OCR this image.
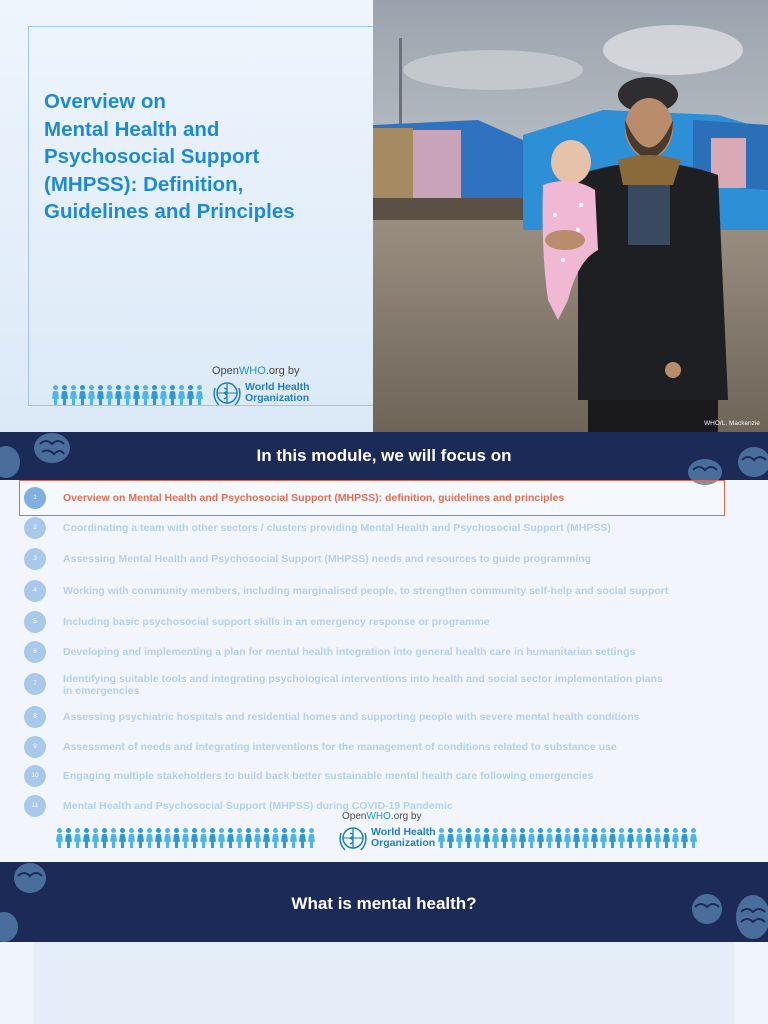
Overview on
Mental Health and
Psychosocial Support
(MHPSS): Definition,
Guidelines and Principles
WHO/L. Mackenzie
OpenWHO.org by
World Health
Organization
In this module, we will focus on
1	Overview on Mental Health and Psychosocial Support (MHPSS): definition, guidelines and principles
2	Coordinating a team with other sectors / clusters providing Mental Health and Psychosocial Support (MHPSS)
3	Assessing Mental Health and Psychosocial Support (MHPSS) needs and resources to guide programming
4	Working with community members, including marginalised people, to strengthen community self-help and social support
5	Including basic psychosocial support skills in an emergency response or programme
6	Developing and implementing a plan for mental health integration into general health care in humanitarian settings
7	Identifying suitable tools and integrating psychological interventions into health and social sector implementation plans in emergencies
8	Assessing psychiatric hospitals and residential homes and supporting people with severe mental health conditions
9	Assessment of needs and integrating interventions for the management of conditions related to substance use
10	Engaging multiple stakeholders to build back better sustainable mental health care following emergencies
11	Mental Health and Psychosocial Support (MHPSS) during COVID-19 Pandemic
OpenWHO.org by
World Health
Organization
What is mental health?
